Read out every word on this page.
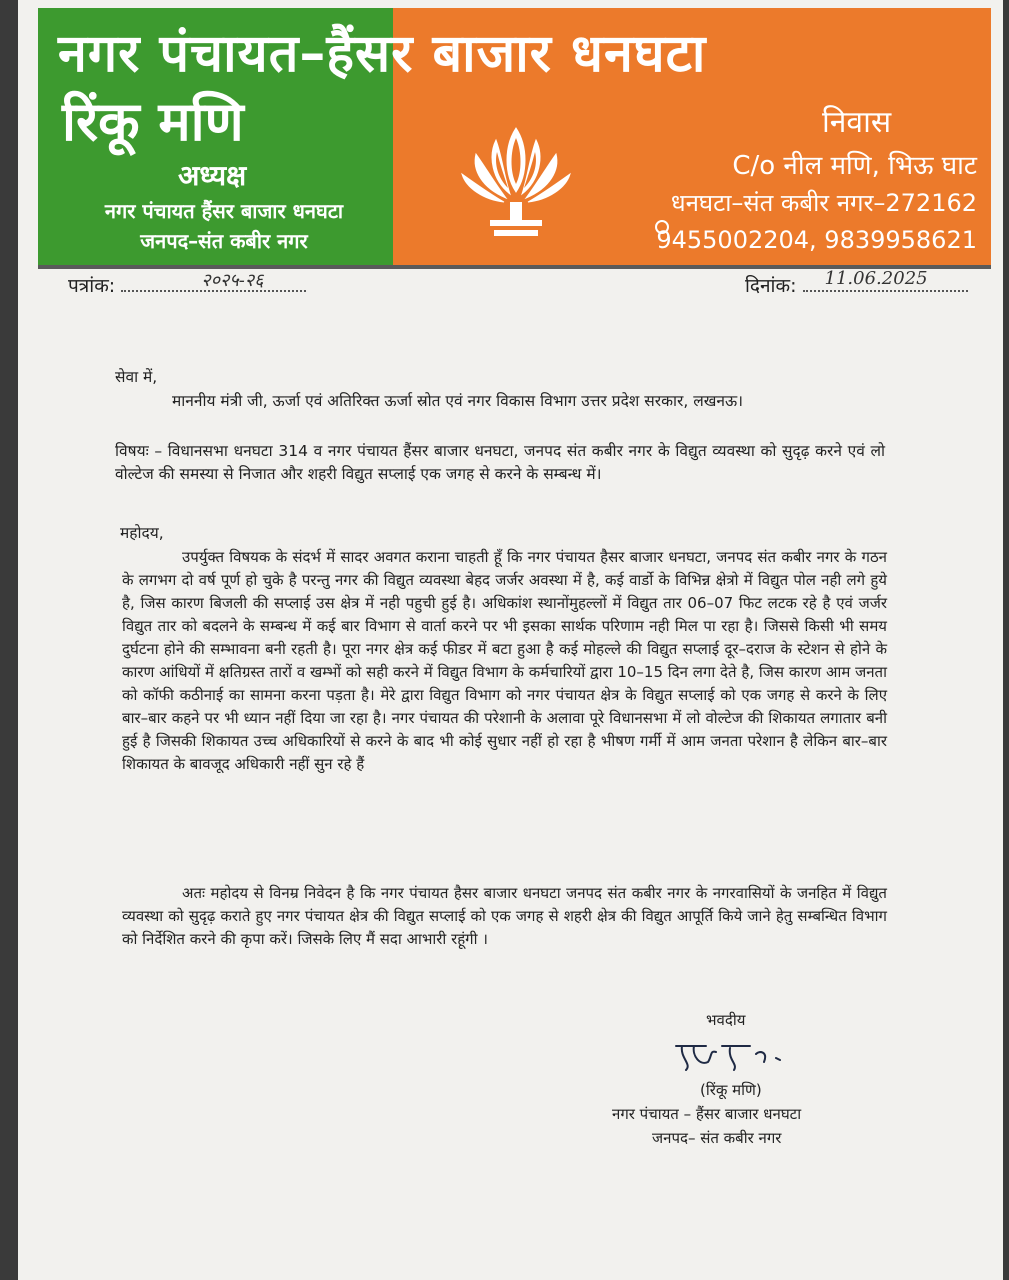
नगर पंचायत–हैंसर बाजार धनघटा
रिंकू मणि
अध्यक्ष
नगर पंचायत हैंसर बाजार धनघटा
जनपद–संत कबीर नगर
निवास
C/o नील मणि, भिऊ घाट
धनघटा–संत कबीर नगर–272162
9455002204, 9839958621
पत्रांक:	२०२५-२६	दिनांक: 11.06.2025
सेवा में,
माननीय मंत्री जी, ऊर्जा एवं अतिरिक्त ऊर्जा स्रोत एवं नगर विकास विभाग उत्तर प्रदेश सरकार, लखनऊ।
विषयः – विधानसभा धनघटा 314 व नगर पंचायत हैंसर बाजार धनघटा, जनपद संत कबीर नगर के विद्युत व्यवस्था को सुदृढ़ करने एवं लो वोल्टेज की समस्या से निजात और शहरी विद्युत सप्लाई एक जगह से करने के सम्बन्ध में।
महोदय,
उपर्युक्त विषयक के संदर्भ में सादर अवगत कराना चाहती हूँ कि नगर पंचायत हैसर बाजार धनघटा, जनपद संत कबीर नगर के गठन के लगभग दो वर्ष पूर्ण हो चुके है परन्तु नगर की विद्युत व्यवस्था बेहद जर्जर अवस्था में है, कई वार्डो के विभिन्न क्षेत्रो में विद्युत पोल नही लगे हुये है, जिस कारण बिजली की सप्लाई उस क्षेत्र में नही पहुची हुई है। अधिकांश स्थानोंमुहल्लों में विद्युत तार 06–07 फिट लटक रहे है एवं जर्जर विद्युत तार को बदलने के सम्बन्ध में कई बार विभाग से वार्ता करने पर भी इसका सार्थक परिणाम नही मिल पा रहा है। जिससे किसी भी समय दुर्घटना होने की सम्भावना बनी रहती है। पूरा नगर क्षेत्र कई फीडर में बटा हुआ है कई मोहल्ले की विद्युत सप्लाई दूर–दराज के स्टेशन से होने के कारण आंधियों में क्षतिग्रस्त तारों व खम्भों को सही करने में विद्युत विभाग के कर्मचारियों द्वारा 10–15 दिन लगा देते है, जिस कारण आम जनता को कॉफी कठीनाई का सामना करना पड़ता है। मेरे द्वारा विद्युत विभाग को नगर पंचायत क्षेत्र के विद्युत सप्लाई को एक जगह से करने के लिए बार–बार कहने पर भी ध्यान नहीं दिया जा रहा है। नगर पंचायत की परेशानी के अलावा पूरे विधानसभा में लो वोल्टेज की शिकायत लगातार बनी हुई है जिसकी शिकायत उच्च अधिकारियों से करने के बाद भी कोई सुधार नहीं हो रहा है भीषण गर्मी में आम जनता परेशान है लेकिन बार–बार शिकायत के बावजूद अधिकारी नहीं सुन रहे हैं
अतः महोदय से विनम्र निवेदन है कि नगर पंचायत हैसर बाजार धनघटा जनपद संत कबीर नगर के नगरवासियों के जनहित में विद्युत व्यवस्था को सुदृढ़ कराते हुए नगर पंचायत क्षेत्र की विद्युत सप्लाई को एक जगह से शहरी क्षेत्र की विद्युत आपूर्ति किये जाने हेतु सम्बन्धित विभाग को निर्देशित करने की कृपा करें। जिसके लिए मैं सदा आभारी रहूंगी ।
भवदीय
(रिंकू मणि)
नगर पंचायत – हैंसर बाजार धनघटा
जनपद– संत कबीर नगर
